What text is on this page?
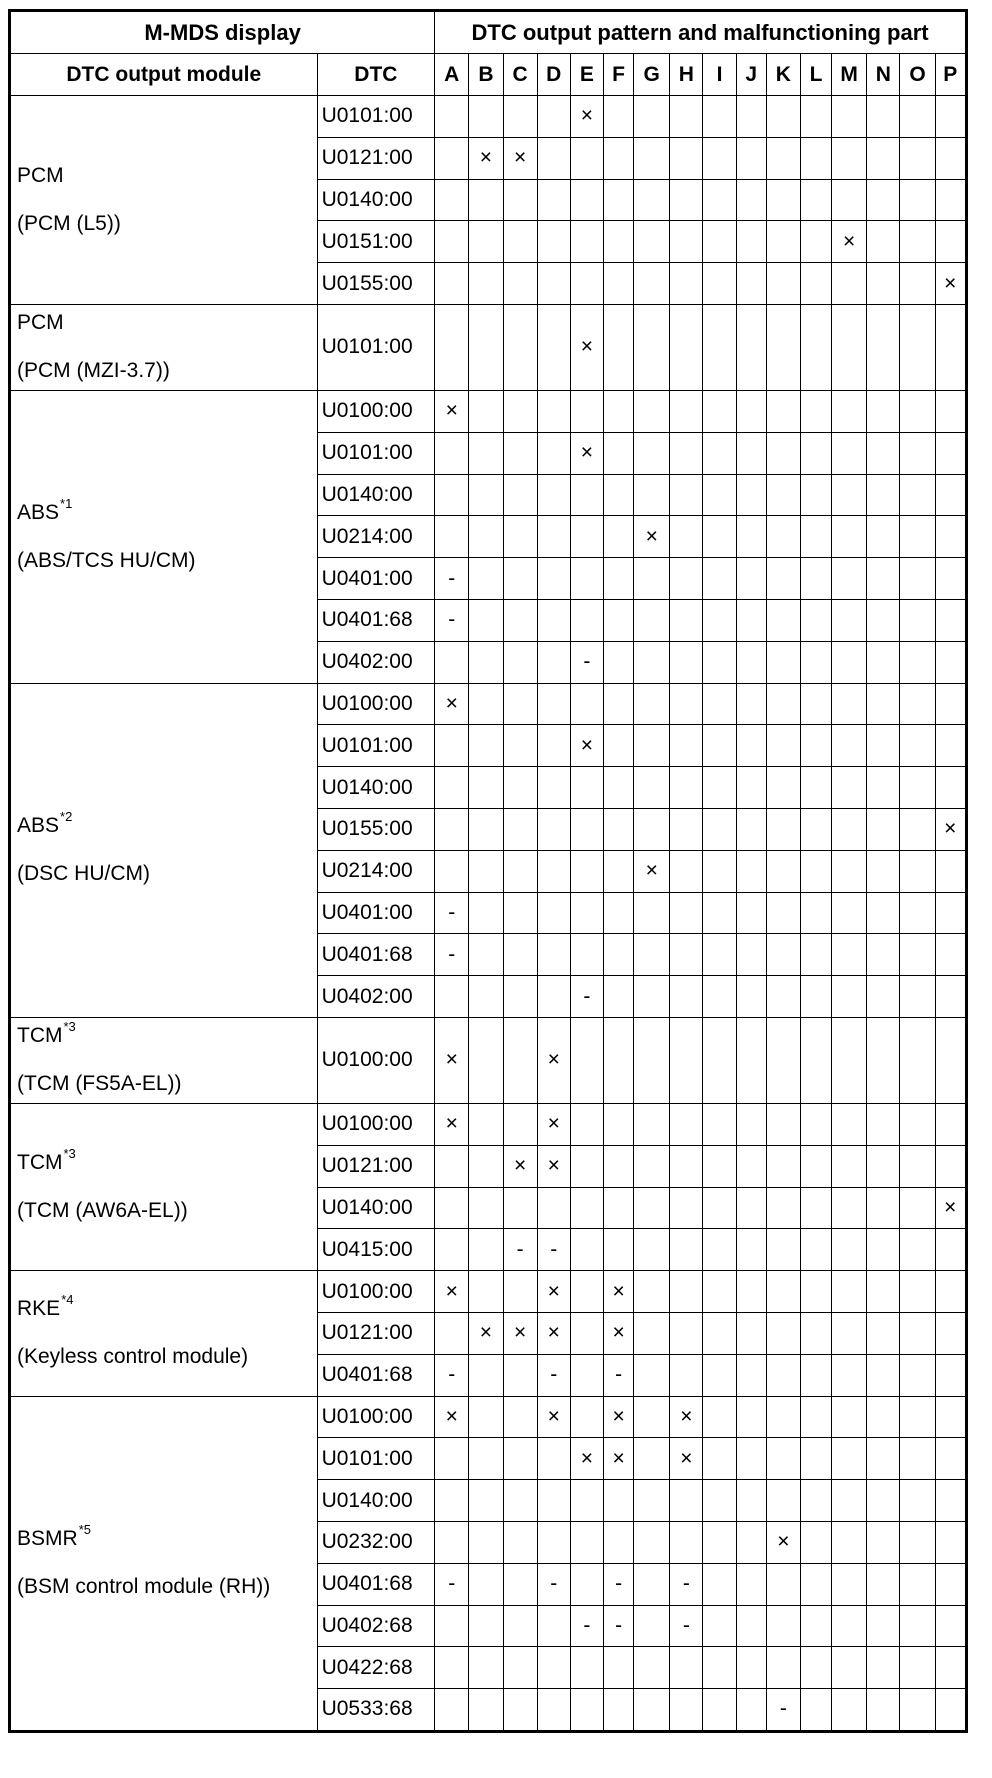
M-MDS display		DTC output pattern and malfunctioning part															
DTC output module	DTC	A	B	C	D	E	F	G	H	I	J	K	L	M	N	O	P

PCM
(PCM (L5))	U0101:00					×											
	U0121:00		×	×													
	U0140:00																
	U0151:00													×			
	U0155:00																×

PCM
(PCM (MZI-3.7))	U0101:00					×											

ABS$^{*1}$
(ABS/TCS HU/CM)	U0100:00	×															
	U0101:00					×											
	U0140:00																
	U0214:00							×									
	U0401:00	-															
	U0401:68	-															
	U0402:00					-											

ABS$^{*2}$
(DSC HU/CM)	U0100:00	×															
	U0101:00					×											
	U0140:00																
	U0155:00																×
	U0214:00							×									
	U0401:00	-															
	U0401:68	-															
	U0402:00					-											

TCM$^{*3}$
(TCM (FS5A-EL))	U0100:00	×			×												

TCM$^{*3}$
(TCM (AW6A-EL))	U0100:00	×			×												
	U0121:00			×	×												
	U0140:00																×
	U0415:00			-	-												

RKE$^{*4}$
(Keyless control module)	U0100:00	×			×		×										
	U0121:00		×	×	×		×										
	U0401:68	-			-		-										

BSMR$^{*5}$
(BSM control module (RH))	U0100:00	×			×		×		×								
	U0101:00					×	×		×								
	U0140:00																
	U0232:00											×					
	U0401:68	-			-		-		-								
	U0402:68					-	-		-								
	U0422:68																
	U0533:68											-					
